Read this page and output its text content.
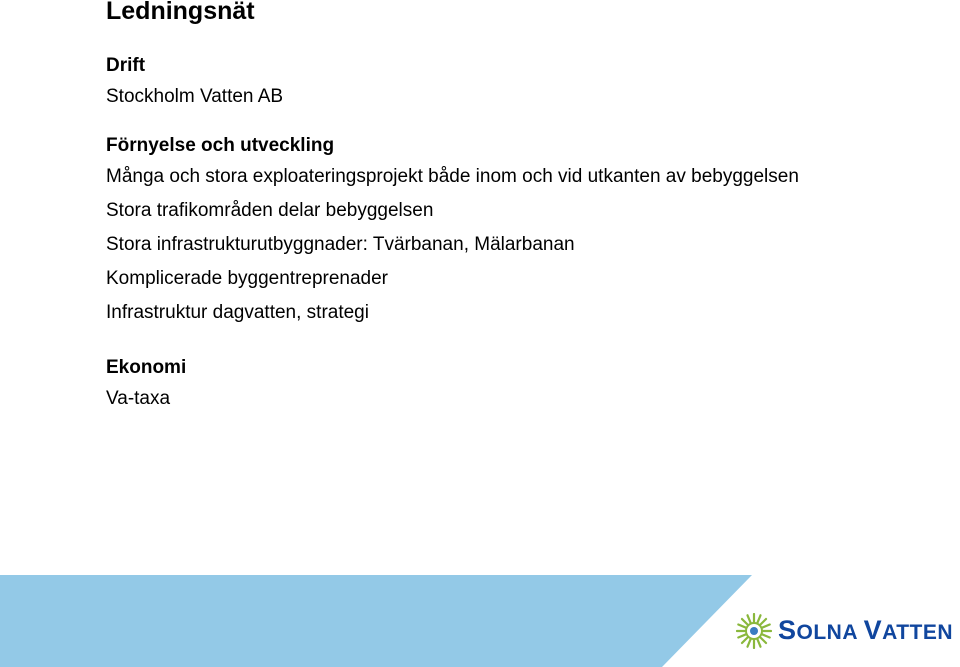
Ledningsnät
Drift
Stockholm Vatten AB
Förnyelse och utveckling
Många och stora exploateringsprojekt både inom och vid utkanten av bebyggelsen
Stora trafikområden delar bebyggelsen
Stora infrastrukturutbyggnader: Tvärbanan, Mälarbanan
Komplicerade byggentreprenader
Infrastruktur dagvatten, strategi
Ekonomi
Va-taxa
SOLNA VATTEN
